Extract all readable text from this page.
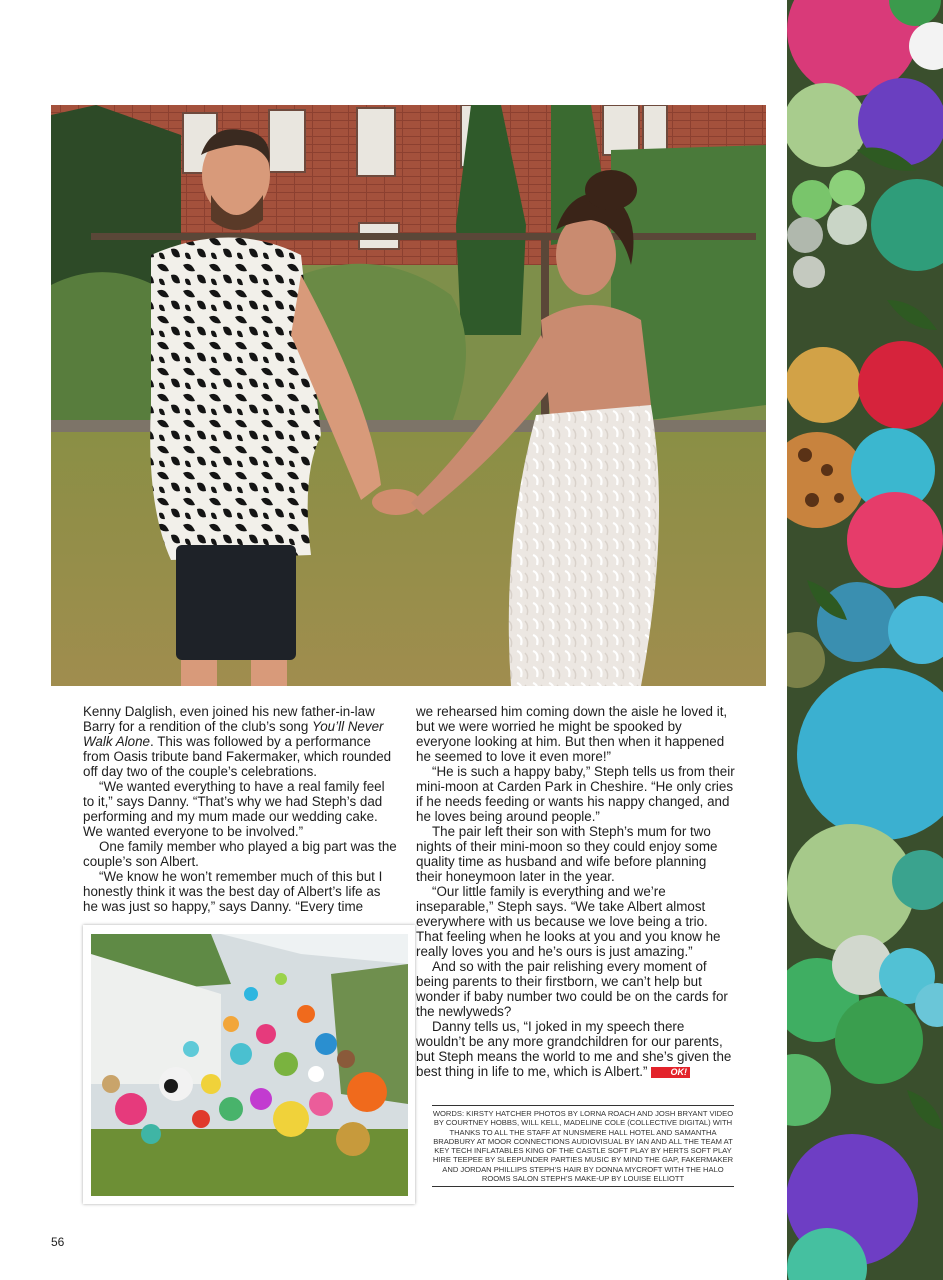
Kenny Dalglish, even joined his new father-in-law Barry for a rendition of the club’s song You’ll Never Walk Alone. This was followed by a performance from Oasis tribute band Fakermaker, which rounded off day two of the couple’s celebrations.

“We wanted everything to have a real family feel to it,” says Danny. “That’s why we had Steph’s dad performing and my mum made our wedding cake. We wanted everyone to be involved.”

One family member who played a big part was the couple’s son Albert.

“We know he won’t remember much of this but I honestly think it was the best day of Albert’s life as he was just so happy,” says Danny. “Every time

we rehearsed him coming down the aisle he loved it, but we were worried he might be spooked by everyone looking at him. But then when it happened he seemed to love it even more!”

“He is such a happy baby,” Steph tells us from their mini-moon at Carden Park in Cheshire. “He only cries if he needs feeding or wants his nappy changed, and he loves being around people.”

The pair left their son with Steph’s mum for two nights of their mini-moon so they could enjoy some quality time as husband and wife before planning their honeymoon later in the year.

“Our little family is everything and we’re inseparable,” Steph says. “We take Albert almost everywhere with us because we love being a trio. That feeling when he looks at you and you know he really loves you and he’s ours is just amazing.”

And so with the pair relishing every moment of being parents to their firstborn, we can’t help but wonder if baby number two could be on the cards for the newlyweds?

Danny tells us, “I joked in my speech there wouldn’t be any more grandchildren for our parents, but Steph means the world to me and she’s given the best thing in life to me, which is Albert.”	OK!

WORDS: KIRSTY HATCHER PHOTOS BY LORNA ROACH AND JOSH BRYANT VIDEO BY COURTNEY HOBBS, WILL KELL, MADELINE COLE (COLLECTIVE DIGITAL) WITH THANKS TO ALL THE STAFF AT NUNSMERE HALL HOTEL AND SAMANTHA BRADBURY AT MOOR CONNECTIONS AUDIOVISUAL BY IAN AND ALL THE TEAM AT KEY TECH INFLATABLES KING OF THE CASTLE SOFT PLAY BY HERTS SOFT PLAY HIRE TEEPEE BY SLEEPUNDER PARTIES MUSIC BY MIND THE GAP, FAKERMAKER AND JORDAN PHILLIPS STEPH’S HAIR BY DONNA MYCROFT WITH THE HALO ROOMS SALON STEPH’S MAKE-UP BY LOUISE ELLIOTT
56
